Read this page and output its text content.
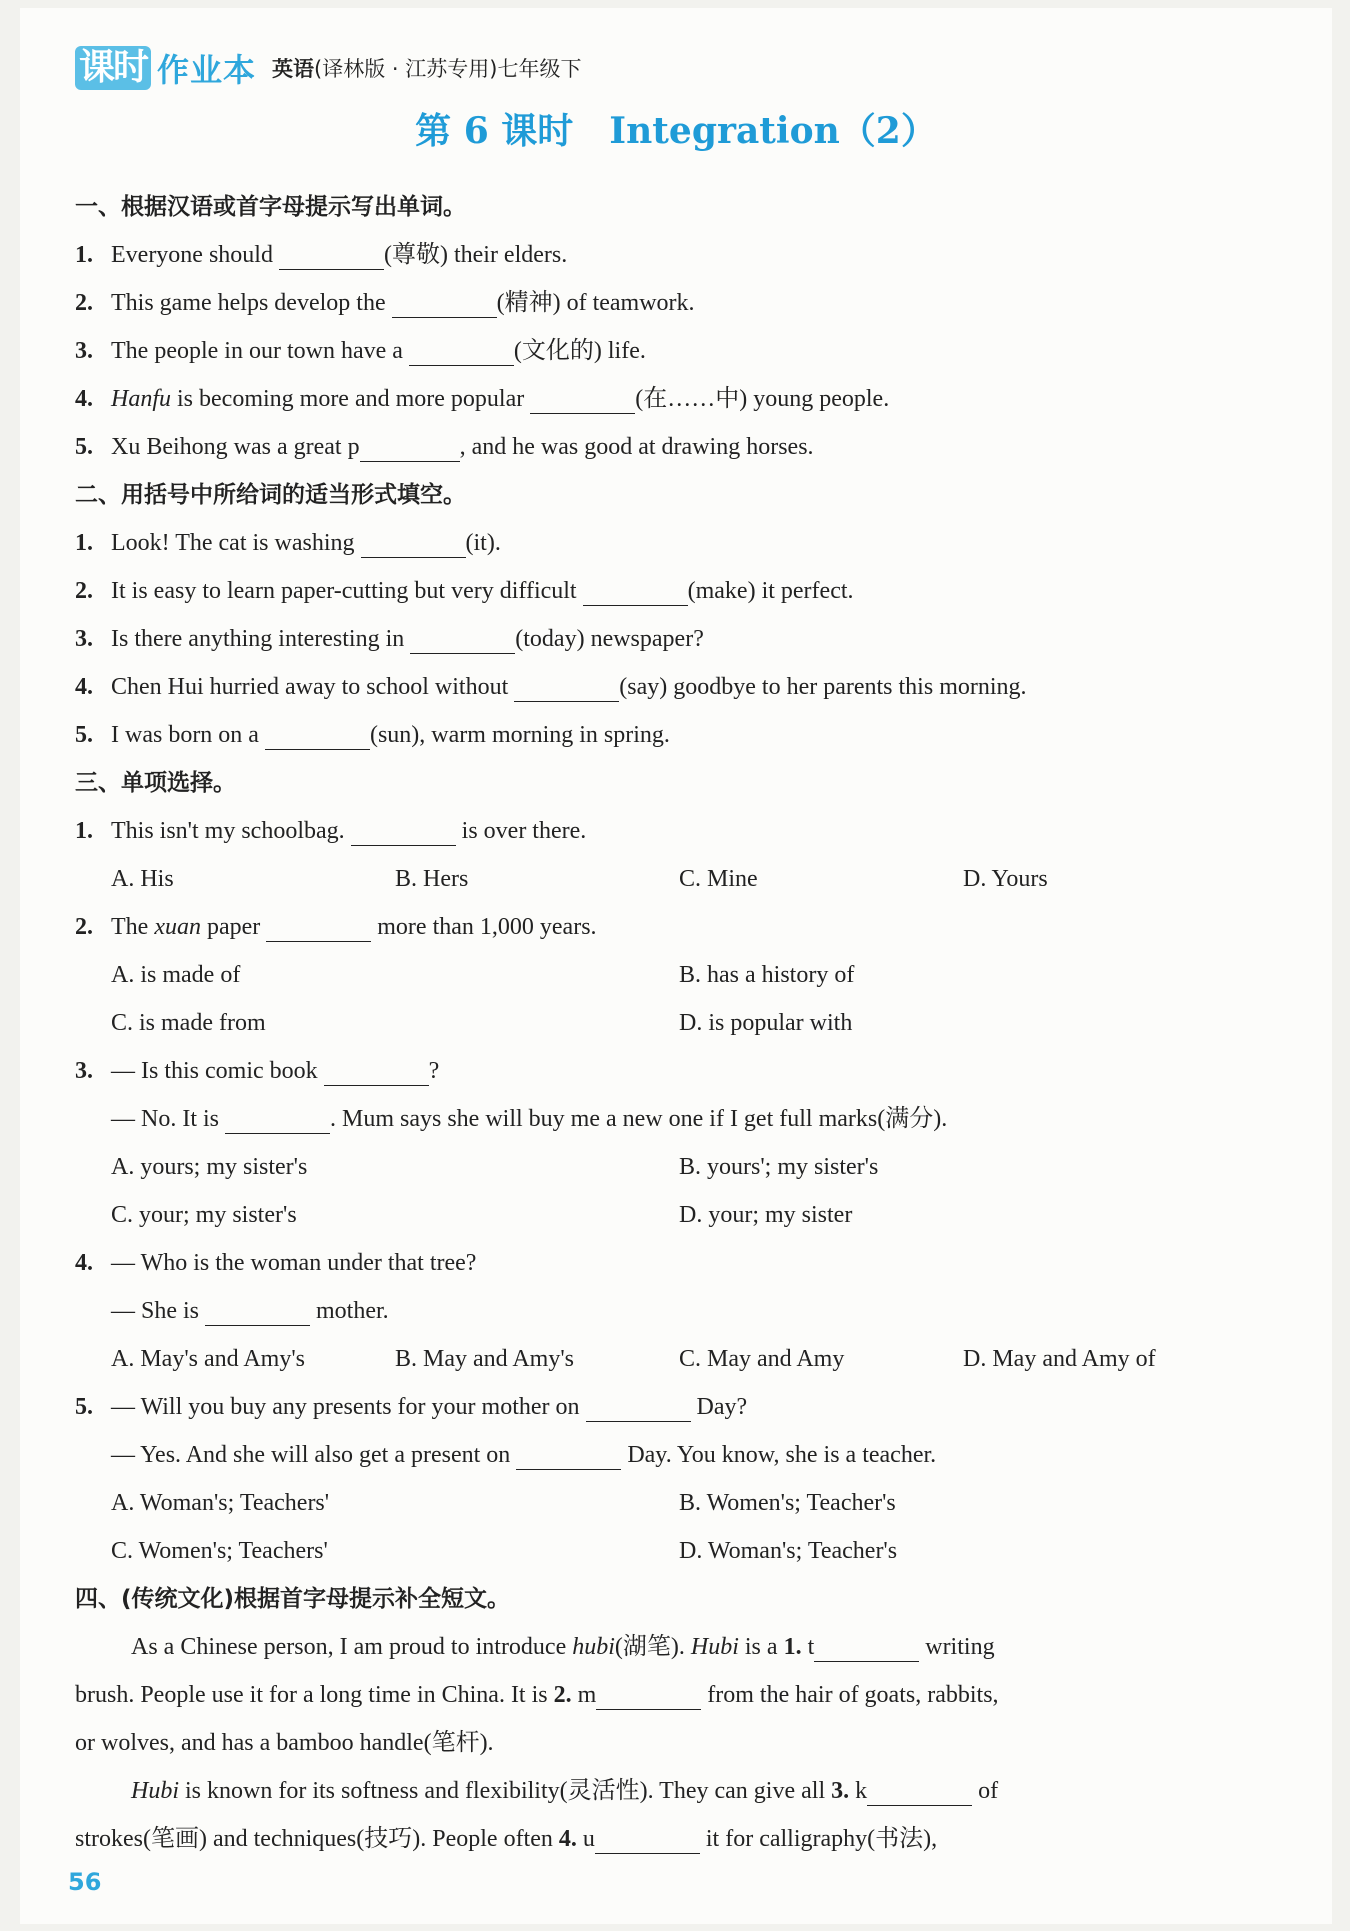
课时 作业本 英语(译林版 · 江苏专用)七年级下
第 6 课时　Integration（2）
一、根据汉语或首字母提示写出单词。
1. Everyone should	(尊敬) their elders.
2. This game helps develop the	(精神) of teamwork.
3. The people in our town have a	(文化的) life.
4. Hanfu is becoming more and more popular	(在……中) young people.
5. Xu Beihong was a great p	, and he was good at drawing horses.
二、用括号中所给词的适当形式填空。
1. Look! The cat is washing	(it).
2. It is easy to learn paper-cutting but very difficult	(make) it perfect.
3. Is there anything interesting in	(today) newspaper?
4. Chen Hui hurried away to school without	(say) goodbye to her parents this morning.
5. I was born on a	(sun), warm morning in spring.
三、单项选择。
1. This isn't my schoolbag.	is over there.
A. His	B. Hers	C. Mine	D. Yours
2. The xuan paper	more than 1,000 years.
A. is made of	B. has a history of
C. is made from	D. is popular with
3. — Is this comic book	?
— No. It is	. Mum says she will buy me a new one if I get full marks(满分).
A. yours; my sister's	B. yours'; my sister's
C. your; my sister's	D. your; my sister
4. — Who is the woman under that tree?
— She is	mother.
A. May's and Amy's	B. May and Amy's	C. May and Amy	D. May and Amy of
5. — Will you buy any presents for your mother on	Day?
— Yes. And she will also get a present on	Day. You know, she is a teacher.
A. Woman's; Teachers'	B. Women's; Teacher's
C. Women's; Teachers'	D. Woman's; Teacher's
四、(传统文化)根据首字母提示补全短文。
As a Chinese person, I am proud to introduce hubi(湖笔). Hubi is a 1. t	writing
brush. People use it for a long time in China. It is 2. m	from the hair of goats, rabbits,
or wolves, and has a bamboo handle(笔杆).
Hubi is known for its softness and flexibility(灵活性). They can give all 3. k	of
strokes(笔画) and techniques(技巧). People often 4. u	it for calligraphy(书法),
56
